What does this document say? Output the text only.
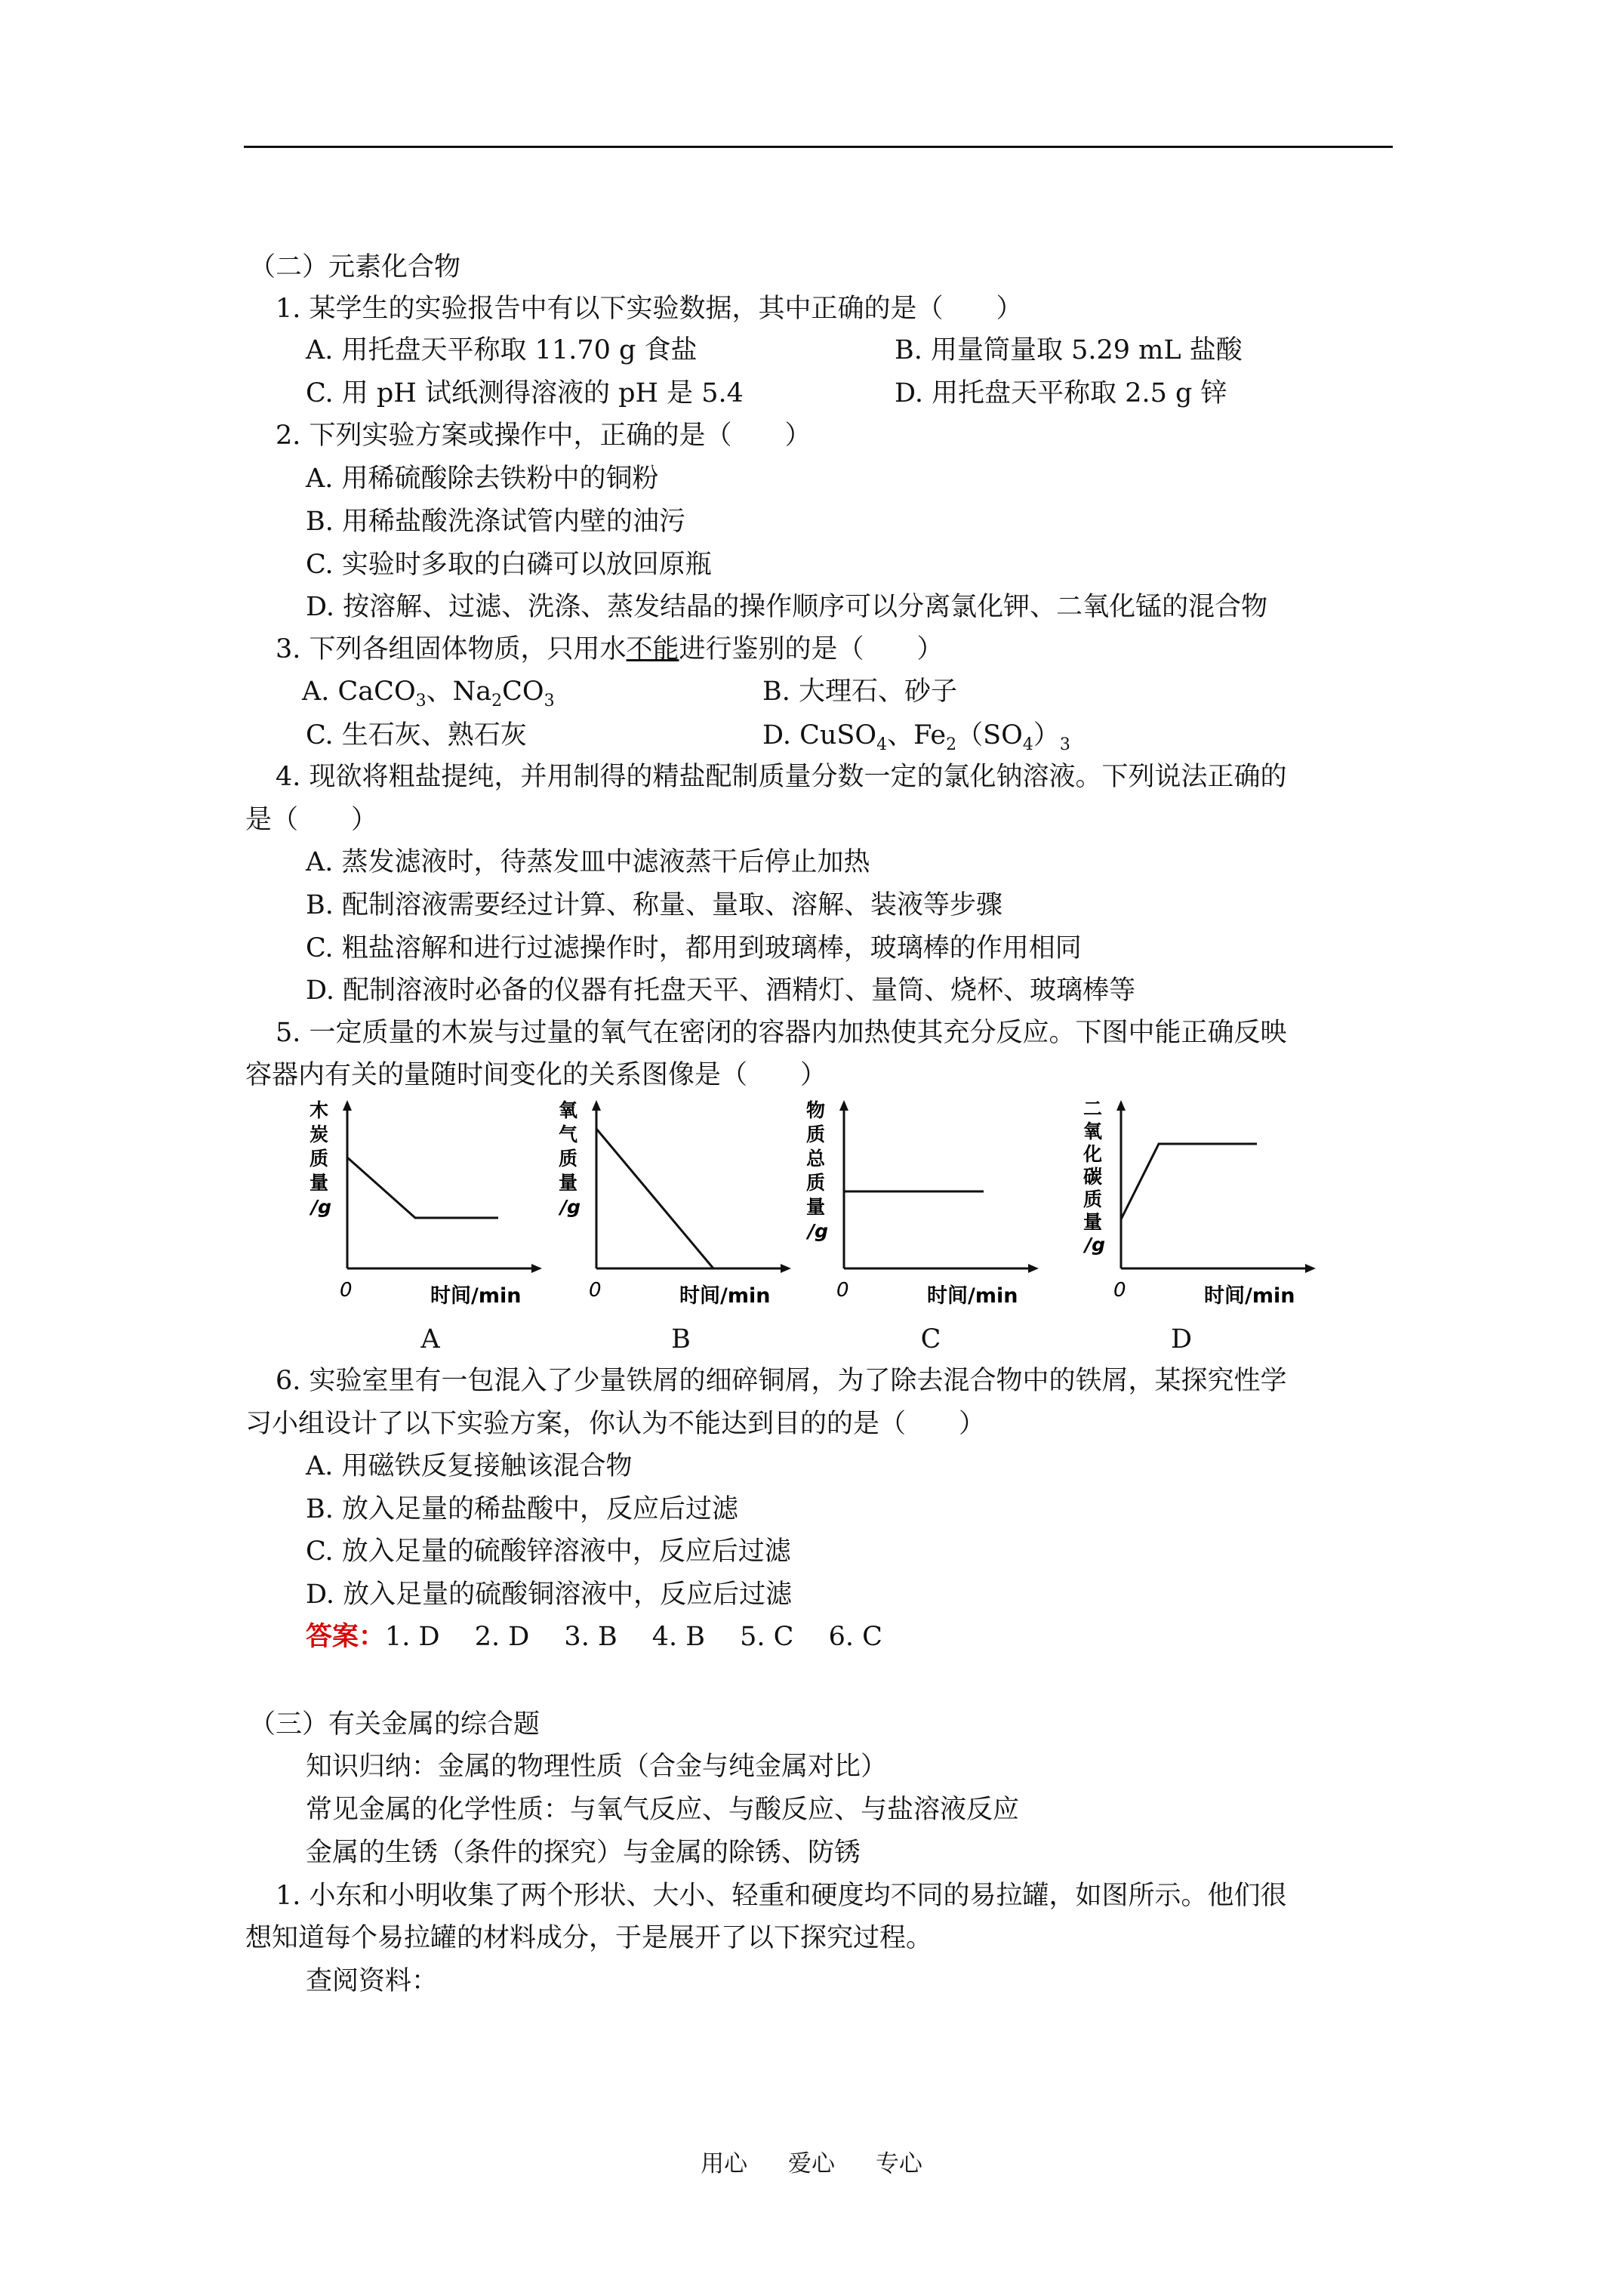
（二）元素化合物
1. 某学生的实验报告中有以下实验数据，其中正确的是（　　）
A. 用托盘天平称取 11.70 g 食盐	B. 用量筒量取 5.29 mL 盐酸
C. 用 pH 试纸测得溶液的 pH 是 5.4	D. 用托盘天平称取 2.5 g 锌
2. 下列实验方案或操作中，正确的是（　　）
A. 用稀硫酸除去铁粉中的铜粉
B. 用稀盐酸洗涤试管内壁的油污
C. 实验时多取的白磷可以放回原瓶
D. 按溶解、过滤、洗涤、蒸发结晶的操作顺序可以分离氯化钾、二氧化锰的混合物
3. 下列各组固体物质，只用水不能进行鉴别的是（　　）
A. CaCO$_3$、$Na_2CO_3$	B. 大理石、砂子
C. 生石灰、熟石灰	D. CuSO$_4$、$Fe_2(SO_4)_3$
4. 现欲将粗盐提纯，并用制得的精盐配制质量分数一定的氯化钠溶液。下列说法正确的
是（　　）
A. 蒸发滤液时，待蒸发皿中滤液蒸干后停止加热
B. 配制溶液需要经过计算、称量、量取、溶解、装液等步骤
C. 粗盐溶解和进行过滤操作时，都用到玻璃棒，玻璃棒的作用相同
D. 配制溶液时必备的仪器有托盘天平、酒精灯、量筒、烧杯、玻璃棒等
5. 一定质量的木炭与过量的氧气在密闭的容器内加热使其充分反应。下图中能正确反映
容器内有关的量随时间变化的关系图像是（　　）
木
炭
质
量
/g
0	时间/min
A
氧
气
质
量
/g
0	时间/min
B
物
质
总
质
量
/g
0	时间/min
C
二
氧
化
碳
质
量
/g
0	时间/min
D
6. 实验室里有一包混入了少量铁屑的细碎铜屑，为了除去混合物中的铁屑，某探究性学
习小组设计了以下实验方案，你认为不能达到目的的是（　　）
A. 用磁铁反复接触该混合物
B. 放入足量的稀盐酸中，反应后过滤
C. 放入足量的硫酸锌溶液中，反应后过滤
D. 放入足量的硫酸铜溶液中，反应后过滤
答案：1. D　 2. D　 3. B　 4. B　 5. C　 6. C
（三）有关金属的综合题
知识归纳：金属的物理性质（合金与纯金属对比）
常见金属的化学性质：与氧气反应、与酸反应、与盐溶液反应
金属的生锈（条件的探究）与金属的除锈、防锈
1. 小东和小明收集了两个形状、大小、轻重和硬度均不同的易拉罐，如图所示。他们很
想知道每个易拉罐的材料成分，于是展开了以下探究过程。
查阅资料：
用心 爱心 专心
